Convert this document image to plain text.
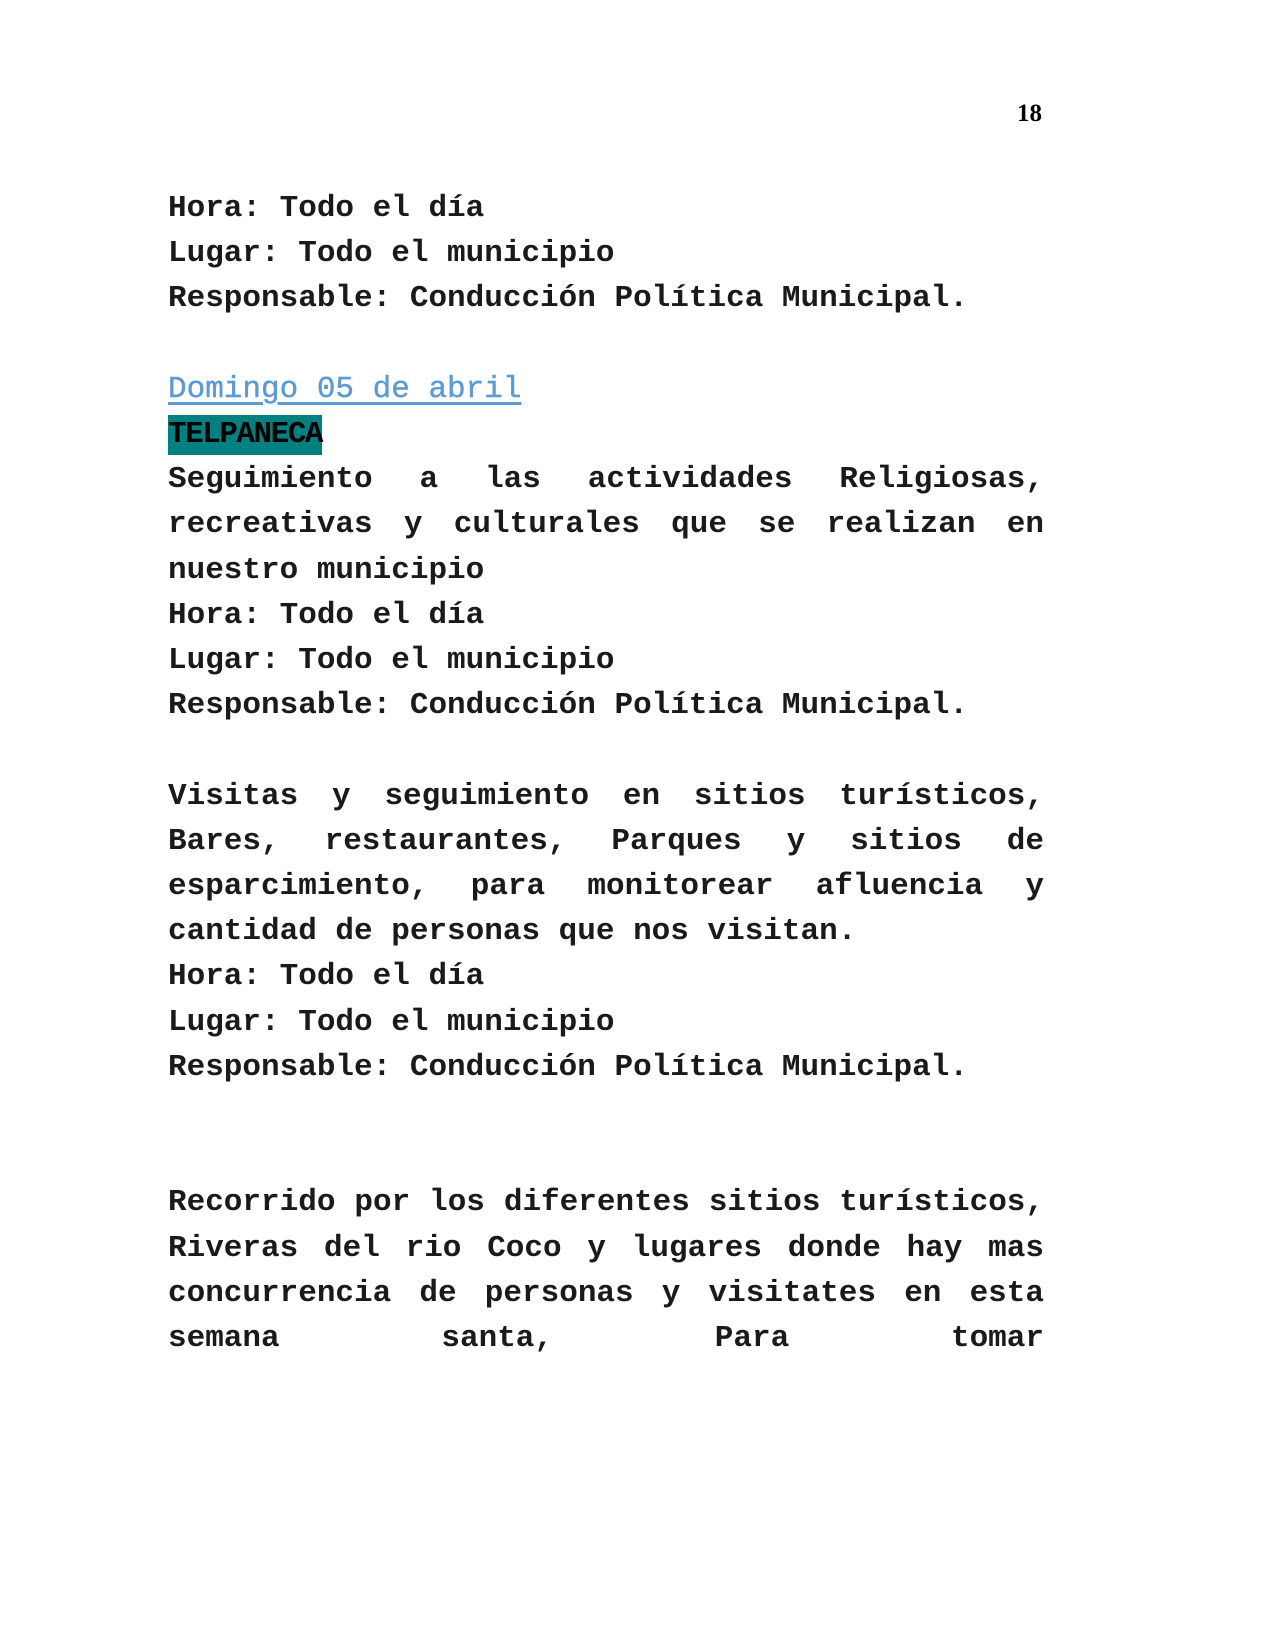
18
Hora: Todo el día
Lugar: Todo el municipio
Responsable: Conducción Política Municipal.
Domingo 05 de abril
TELPANECA

Seguimiento a las actividades Religiosas, recreativas y culturales que se realizan en nuestro municipio

Hora: Todo el día
Lugar: Todo el municipio
Responsable: Conducción Política Municipal.

Visitas y seguimiento en sitios turísticos, Bares, restaurantes, Parques y sitios de esparcimiento, para monitorear afluencia y cantidad de personas que nos visitan.

Hora: Todo el día
Lugar: Todo el municipio
Responsable: Conducción Política Municipal.

Recorrido por los diferentes sitios turísticos, Riveras del rio Coco y lugares donde hay mas concurrencia de personas y visitates en esta semana santa, Para tomar
